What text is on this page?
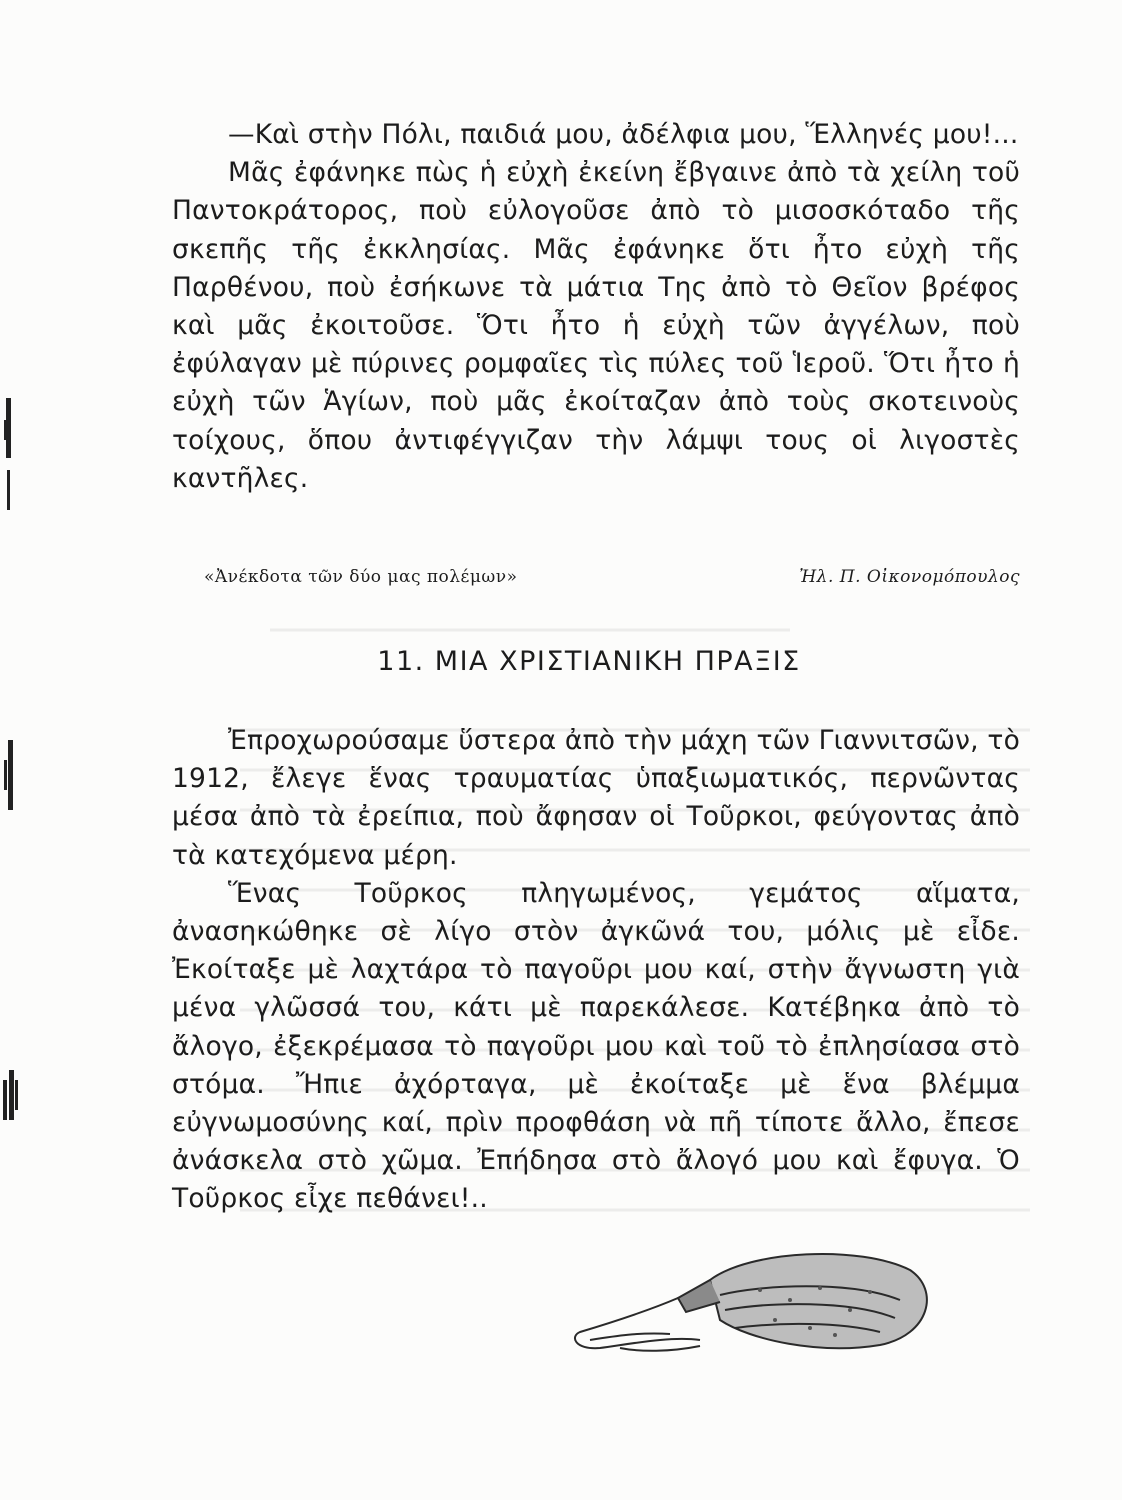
—Καὶ στὴν Πόλι, παιδιά μου, ἀδέλφια μου, Ἕλληνές μου!...

Μᾶς ἐφάνηκε πὼς ἡ εὐχὴ ἐκείνη ἔβγαινε ἀπὸ τὰ χείλη τοῦ Παντοκράτορος, ποὺ εὐλογοῦσε ἀπὸ τὸ μισοσκόταδο τῆς σκεπῆς τῆς ἐκκλησίας. Μᾶς ἐφάνηκε ὅτι ἦτο εὐχὴ τῆς Παρθένου, ποὺ ἐσήκωνε τὰ μάτια Της ἀπὸ τὸ Θεῖον βρέφος καὶ μᾶς ἐκοιτοῦσε. Ὅτι ἦτο ἡ εὐχὴ τῶν ἀγγέλων, ποὺ ἐφύλαγαν μὲ πύρινες ρομφαῖες τὶς πύλες τοῦ Ἱεροῦ. Ὅτι ἦτο ἡ εὐχὴ τῶν Ἁγίων, ποὺ μᾶς ἐκοίταζαν ἀπὸ τοὺς σκοτεινοὺς τοίχους, ὅπου ἀντιφέγγιζαν τὴν λάμψι τους οἱ λιγοστὲς καντῆλες.

«Ἀνέκδοτα τῶν δύο μας πολέμων»	Ἠλ. Π. Οἰκονομόπουλος
11. ΜΙΑ ΧΡΙΣΤΙΑΝΙΚΗ ΠΡΑΞΙΣ

Ἐπροχωρούσαμε ὕστερα ἀπὸ τὴν μάχη τῶν Γιαννιτσῶν, τὸ 1912, ἔλεγε ἕνας τραυματίας ὑπαξιωματικός, περνῶντας μέσα ἀπὸ τὰ ἐρείπια, ποὺ ἄφησαν οἱ Τοῦρκοι, φεύγοντας ἀπὸ τὰ κατεχόμενα μέρη.

Ἕνας Τοῦρκος πληγωμένος, γεμάτος αἵματα, ἀνασηκώθηκε σὲ λίγο στὸν ἀγκῶνά του, μόλις μὲ εἶδε. Ἐκοίταξε μὲ λαχτάρα τὸ παγοῦρι μου καί, στὴν ἄγνωστη γιὰ μένα γλῶσσά του, κάτι μὲ παρεκάλεσε. Κατέβηκα ἀπὸ τὸ ἄλογο, ἐξεκρέμασα τὸ παγοῦρι μου καὶ τοῦ τὸ ἐπλησίασα στὸ στόμα. Ἤπιε ἀχόρταγα, μὲ ἐκοίταξε μὲ ἕνα βλέμμα εὐγνωμοσύνης καί, πρὶν προφθάση νὰ πῆ τίποτε ἄλλο, ἔπεσε ἀνάσκελα στὸ χῶμα. Ἐπήδησα στὸ ἄλογό μου καὶ ἔφυγα. Ὁ Τοῦρκος εἶχε πεθάνει!..
